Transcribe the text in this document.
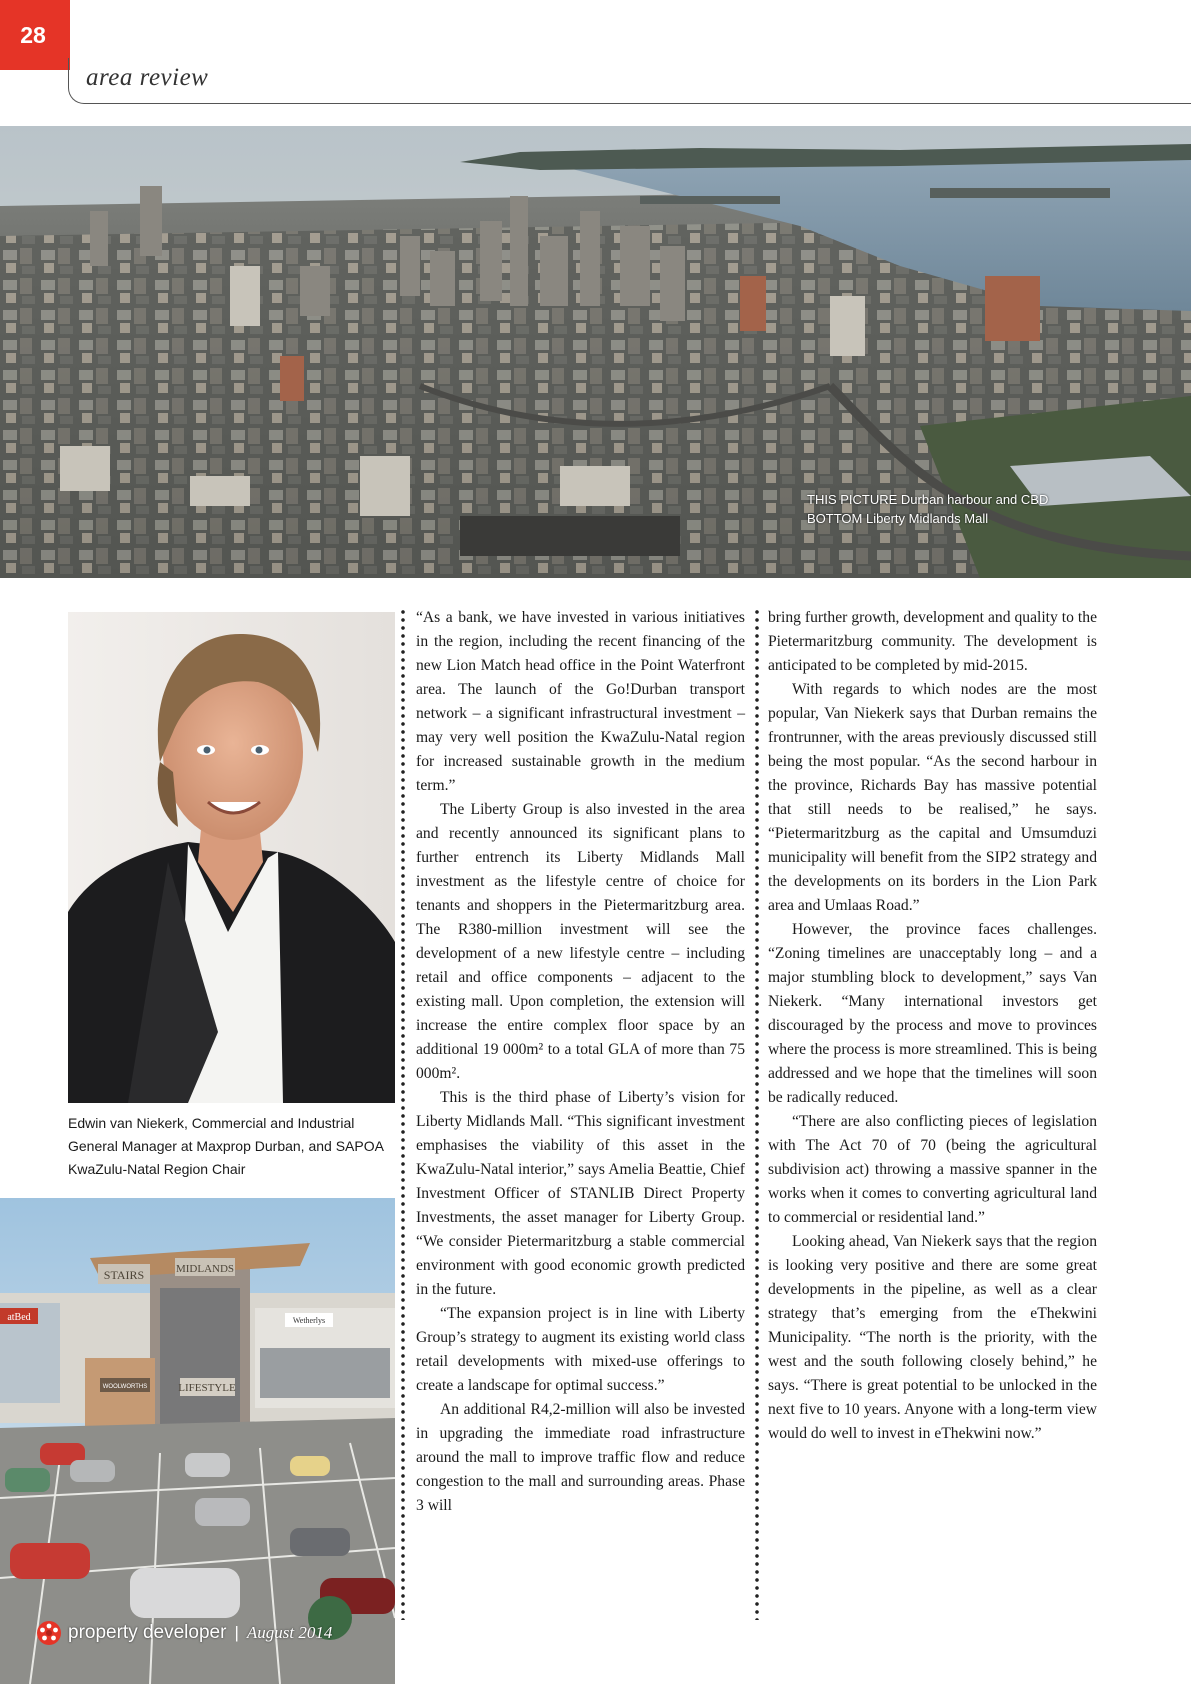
28
area review
THIS PICTURE Durban harbour and CBD
BOTTOM Liberty Midlands Mall
Edwin van Niekerk, Commercial and Industrial General Manager at Maxprop Durban, and SAPOA KwaZulu-Natal Region Chair
STAIRS	MIDLANDS
atBed	Wetherlys
WOOLWORTHS	LIFESTYLE
property developer | August 2014

“As a bank, we have invested in various initiatives in the region, including the recent financing of the new Lion Match head office in the Point Waterfront area. The launch of the Go!Durban transport network – a significant infrastructural investment – may very well position the KwaZulu-Natal region for increased sustainable growth in the medium term.”

The Liberty Group is also invested in the area and recently announced its significant plans to further entrench its Liberty Midlands Mall investment as the lifestyle centre of choice for tenants and shoppers in the Pietermaritzburg area. The R380-million investment will see the development of a new lifestyle centre – including retail and office components – adjacent to the existing mall. Upon completion, the extension will increase the entire complex floor space by an additional 19 000m² to a total GLA of more than 75 000m².

This is the third phase of Liberty’s vision for Liberty Midlands Mall. “This significant investment emphasises the viability of this asset in the KwaZulu-Natal interior,” says Amelia Beattie, Chief Investment Officer of STANLIB Direct Property Investments, the asset manager for Liberty Group. “We consider Pietermaritzburg a stable commercial environment with good economic growth predicted in the future.

“The expansion project is in line with Liberty Group’s strategy to augment its existing world class retail developments with mixed-use offerings to create a landscape for optimal success.”

An additional R4,2-million will also be invested in upgrading the immediate road infrastructure around the mall to improve traffic flow and reduce congestion to the mall and surrounding areas. Phase 3 will

bring further growth, development and quality to the Pietermaritzburg community. The development is anticipated to be completed by mid-2015.

With regards to which nodes are the most popular, Van Niekerk says that Durban remains the frontrunner, with the areas previously discussed still being the most popular. “As the second harbour in the province, Richards Bay has massive potential that still needs to be realised,” he says. “Pietermaritzburg as the capital and Umsumduzi municipality will benefit from the SIP2 strategy and the developments on its borders in the Lion Park area and Umlaas Road.”

However, the province faces challenges. “Zoning timelines are unacceptably long – and a major stumbling block to development,” says Van Niekerk. “Many international investors get discouraged by the process and move to provinces where the process is more streamlined. This is being addressed and we hope that the timelines will soon be radically reduced.

“There are also conflicting pieces of legislation with The Act 70 of 70 (being the agricultural subdivision act) throwing a massive spanner in the works when it comes to converting agricultural land to commercial or residential land.”

Looking ahead, Van Niekerk says that the region is looking very positive and there are some great developments in the pipeline, as well as a clear strategy that’s emerging from the eThekwini Municipality. “The north is the priority, with the west and the south following closely behind,” he says. “There is great potential to be unlocked in the next five to 10 years. Anyone with a long-term view would do well to invest in eThekwini now.”
